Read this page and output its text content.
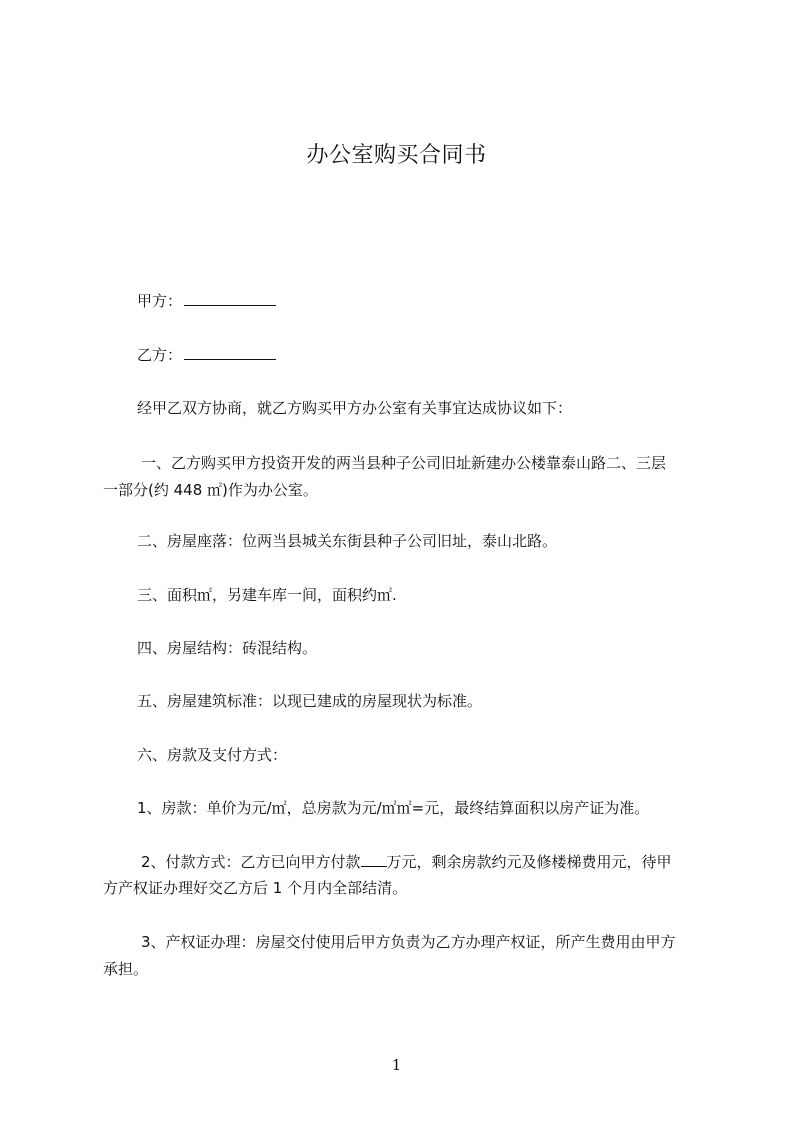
办公室购买合同书
甲方：
乙方：
经甲乙双方协商，就乙方购买甲方办公室有关事宜达成协议如下：
一、乙方购买甲方投资开发的两当县种子公司旧址新建办公楼靠泰山路二、三层
一部分(约 448 ㎡)作为办公室。
二、房屋座落：位两当县城关东街县种子公司旧址，泰山北路。
三、面积㎡，另建车库一间，面积约㎡.
四、房屋结构：砖混结构。
五、房屋建筑标准：以现已建成的房屋现状为标准。
六、房款及支付方式：
1、房款：单价为元/㎡，总房款为元/㎡㎡=元，最终结算面积以房产证为准。
2、付款方式：乙方已向甲方付款 万元，剩余房款约元及修楼梯费用元，待甲
方产权证办理好交乙方后 1 个月内全部结清。
3、产权证办理：房屋交付使用后甲方负责为乙方办理产权证，所产生费用由甲方
承担。
1
